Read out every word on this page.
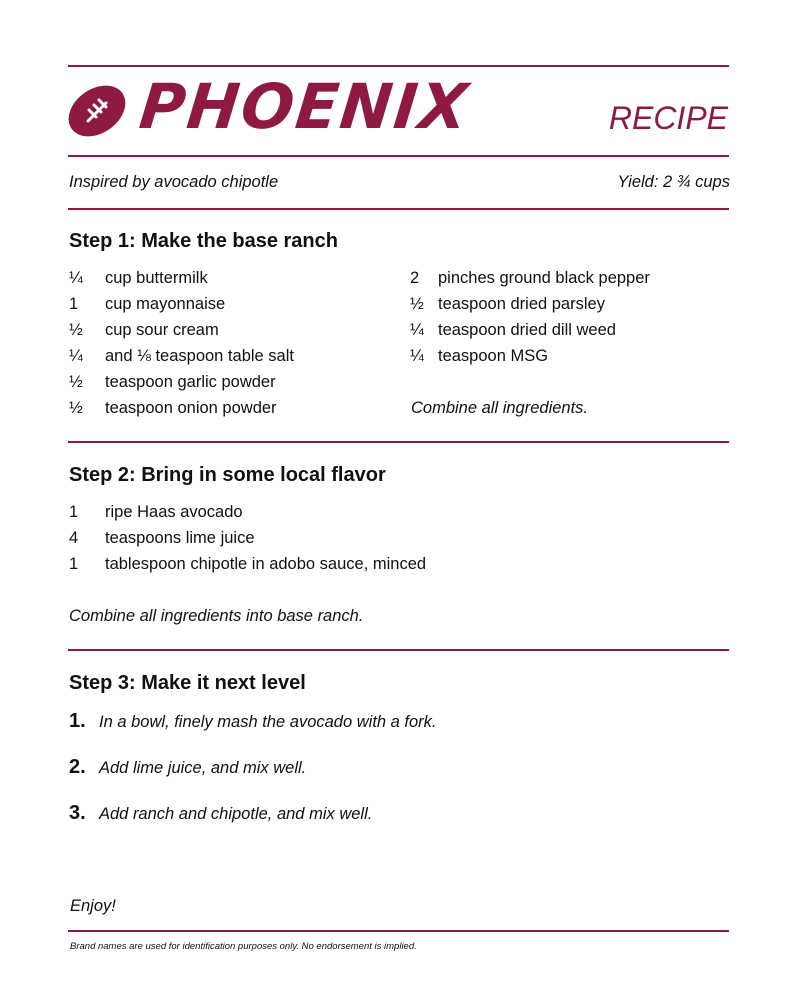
PHOENIX	RECIPE
Inspired by avocado chipotle	Yield: 2 ¾ cups
Step 1: Make the base ranch
¼	cup buttermilk
1	cup mayonnaise
½	cup sour cream
¼	and ⅛ teaspoon table salt
½	teaspoon garlic powder
½	teaspoon onion powder
2	pinches ground black pepper
½ teaspoon dried parsley
¼ teaspoon dried dill weed
¼ teaspoon MSG
Combine all ingredients.
Step 2: Bring in some local flavor
1	ripe Haas avocado
4	teaspoons lime juice
1	tablespoon chipotle in adobo sauce, minced
Combine all ingredients into base ranch.
Step 3: Make it next level
1. In a bowl, finely mash the avocado with a fork.
2. Add lime juice, and mix well.
3. Add ranch and chipotle, and mix well.
Enjoy!
Brand names are used for identification purposes only. No endorsement is implied.
